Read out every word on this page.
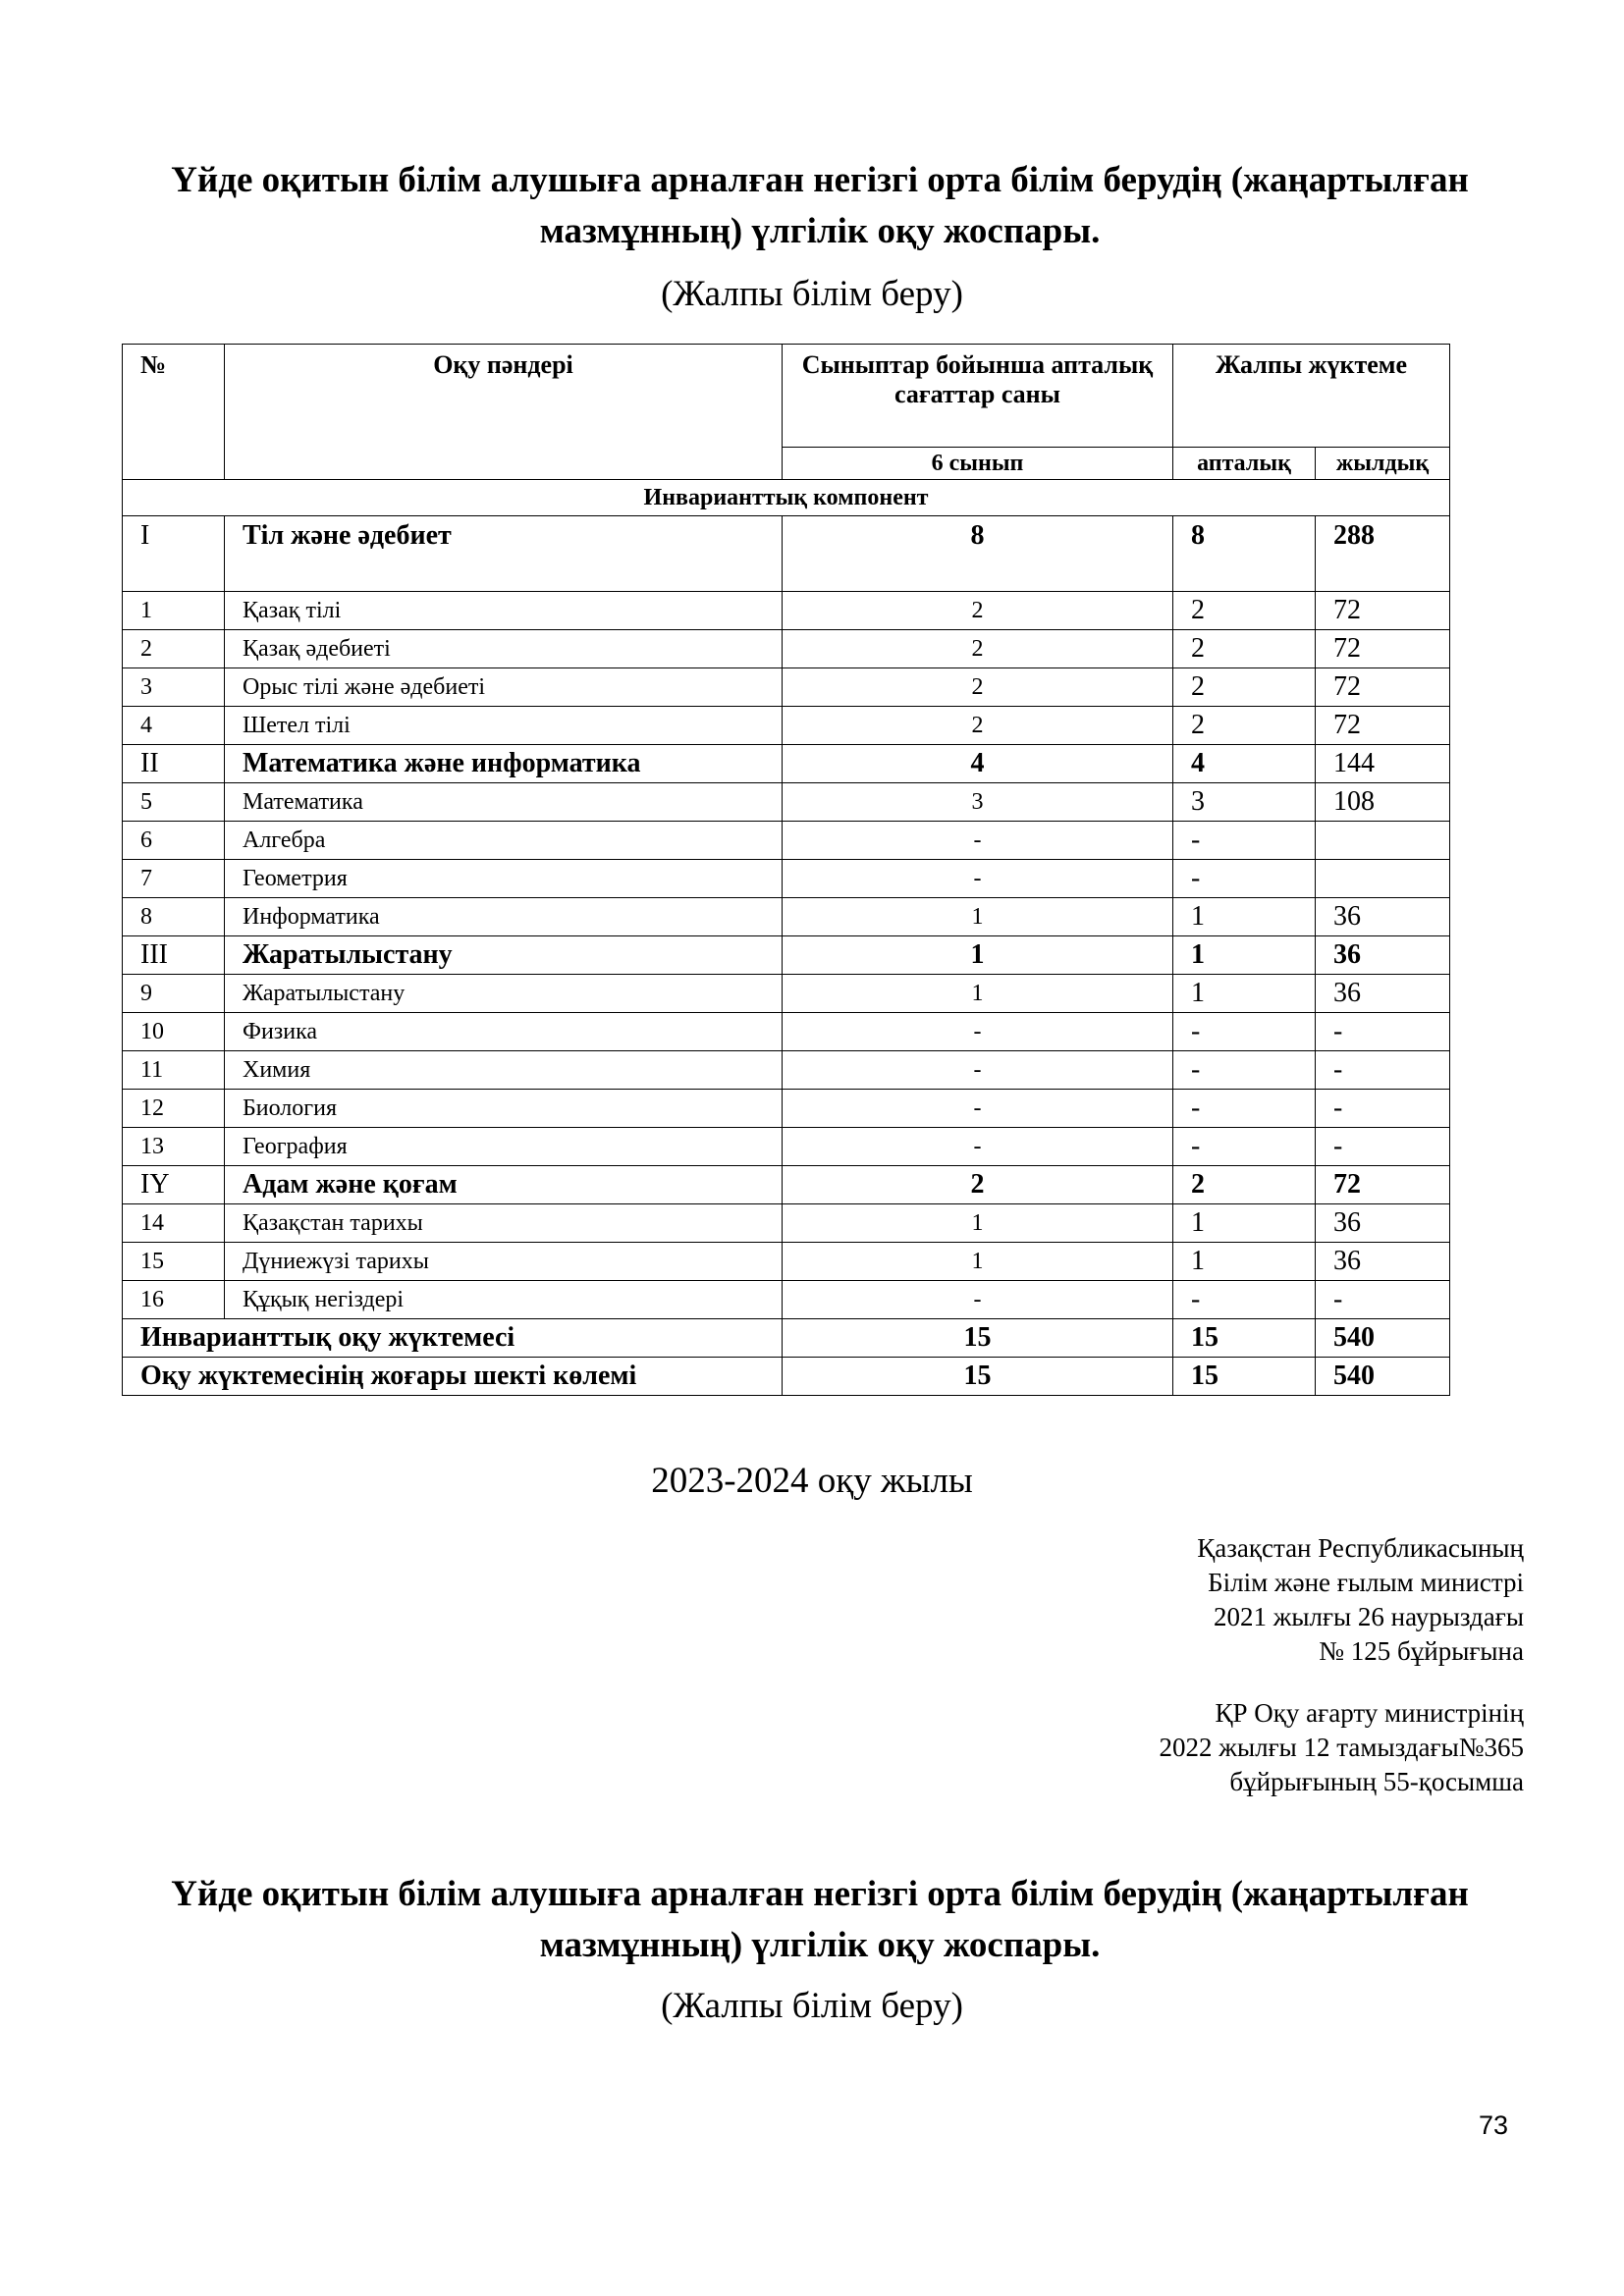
Үйде оқитын білім алушыға арналған негізгі орта білім берудің (жаңартылған
мазмұнның) үлгілік оқу жоспары.
(Жалпы білім беру)
№	Оқу пәндері	Сыныптар бойынша апталық сағаттар саны	Жалпы жүктеме	
		6 сынып	апталық	жылдық
Инварианттық компонент				
I	Тіл және әдебиет	8	8	288
1	Қазақ тілі	2	2	72
2	Қазақ әдебиеті	2	2	72
3	Орыс тілі және әдебиеті	2	2	72
4	Шетел тілі	2	2	72
II	Математика және информатика	4	4	144
5	Математика	3	3	108
6	Алгебра	-	-	
7	Геометрия	-	-	
8	Информатика	1	1	36
III	Жаратылыстану	1	1	36
9	Жаратылыстану	1	1	36
10	Физика	-	-	-
11	Химия	-	-	-
12	Биология	-	-	-
13	География	-	-	-
IҮ	Адам және қоғам	2	2	72
14	Қазақстан тарихы	1	1	36
15	Дүниежүзі тарихы	1	1	36
16	Құқық негіздері	-	-	-
Инварианттық оқу жүктемесі		15	15	540
Оқу жүктемесінің жоғары шекті көлемі		15	15	540
2023-2024 оқу жылы
Қазақстан Республикасының
Білім және ғылым министрі
2021 жылғы 26 наурыздағы
№ 125 бұйрығына
ҚР Оқу ағарту министрінің
2022 жылғы 12 тамыздағы№365
бұйрығының 55-қосымша
Үйде оқитын білім алушыға арналған негізгі орта білім берудің (жаңартылған
мазмұнның) үлгілік оқу жоспары.
(Жалпы білім беру)
73
